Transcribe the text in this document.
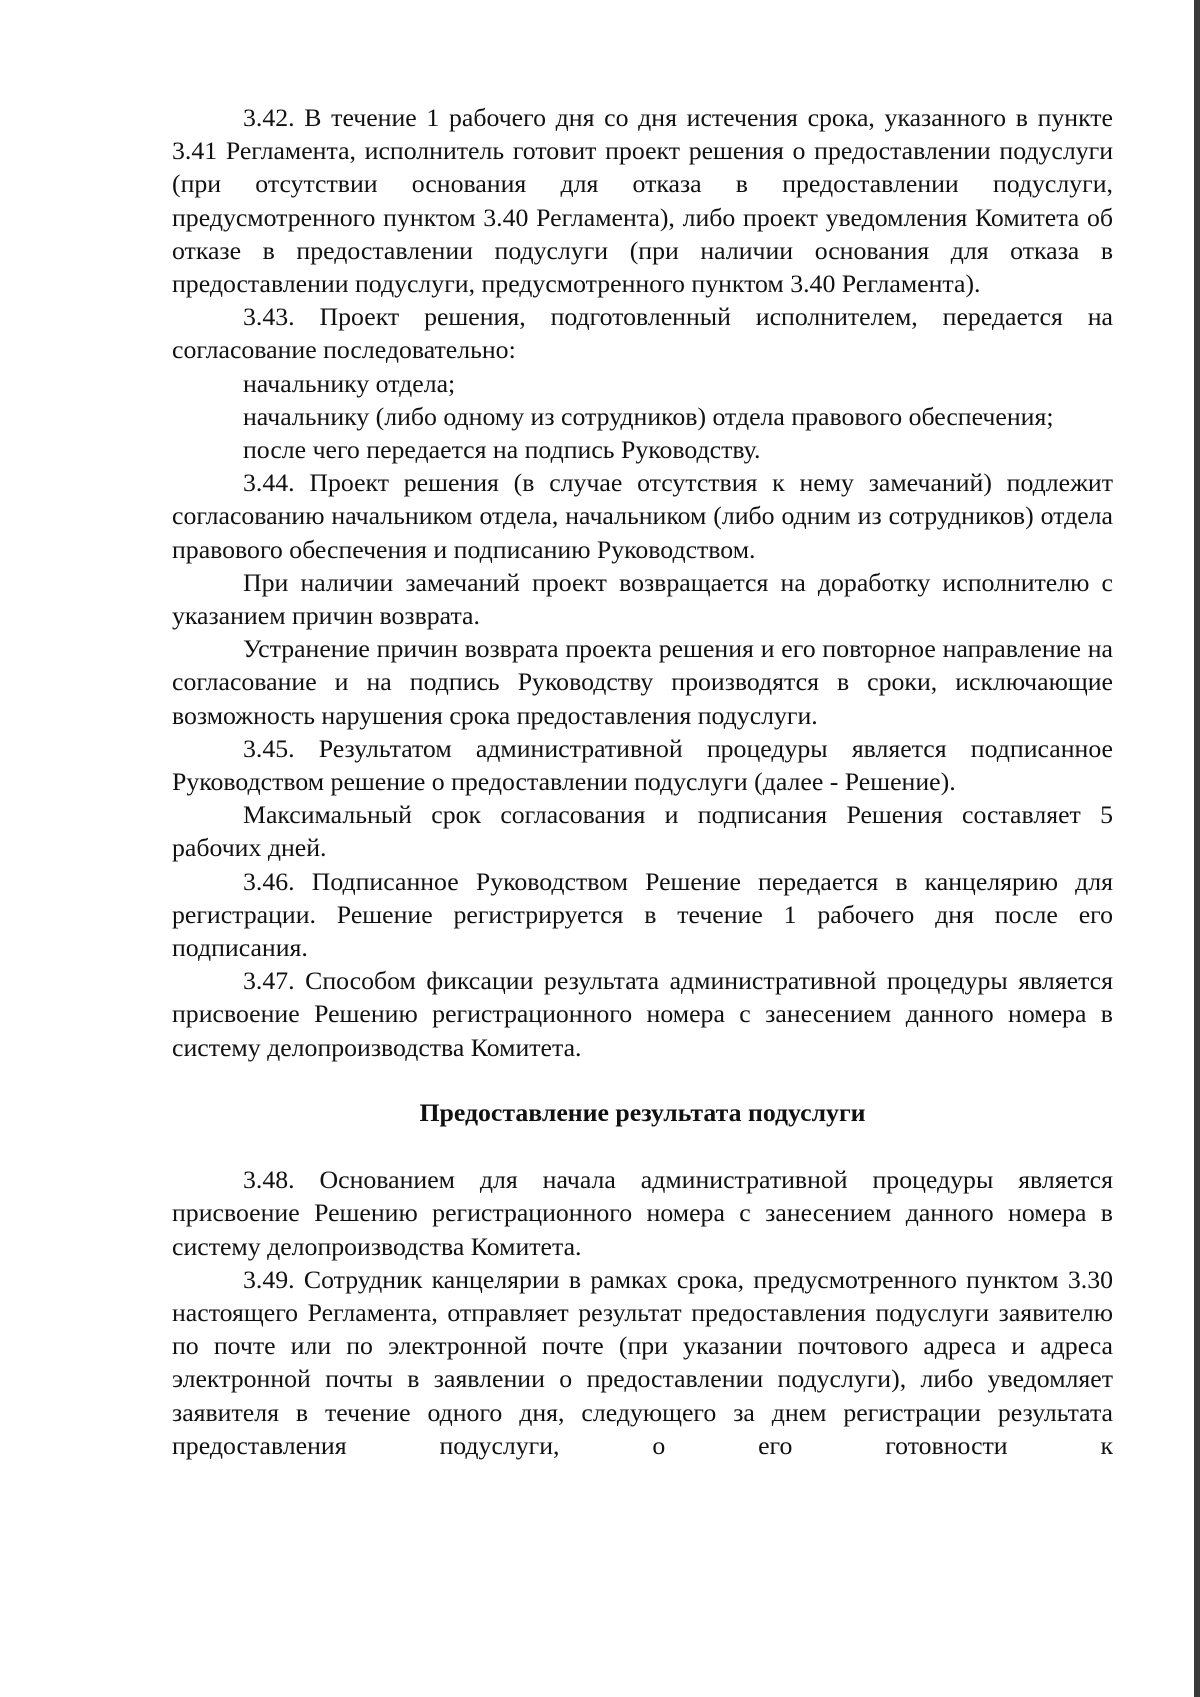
3.42. В течение 1 рабочего дня со дня истечения срока, указанного в пункте 3.41 Регламента, исполнитель готовит проект решения о предоставлении подуслуги (при отсутствии основания для отказа в предоставлении подуслуги, предусмотренного пунктом 3.40 Регламента), либо проект уведомления Комитета об отказе в предоставлении подуслуги (при наличии основания для отказа в предоставлении подуслуги, предусмотренного пунктом 3.40 Регламента).

3.43. Проект решения, подготовленный исполнителем, передается на согласование последовательно:

начальнику отдела;

начальнику (либо одному из сотрудников) отдела правового обеспечения;

после чего передается на подпись Руководству.

3.44. Проект решения (в случае отсутствия к нему замечаний) подлежит согласованию начальником отдела, начальником (либо одним из сотрудников) отдела правового обеспечения и подписанию Руководством.

При наличии замечаний проект возвращается на доработку исполнителю с указанием причин возврата.

Устранение причин возврата проекта решения и его повторное направление на согласование и на подпись Руководству производятся в сроки, исключающие возможность нарушения срока предоставления подуслуги.

3.45. Результатом административной процедуры является подписанное Руководством решение о предоставлении подуслуги (далее - Решение).

Максимальный срок согласования и подписания Решения составляет 5 рабочих дней.

3.46. Подписанное Руководством Решение передается в канцелярию для регистрации. Решение регистрируется в течение 1 рабочего дня после его подписания.

3.47. Способом фиксации результата административной процедуры является присвоение Решению регистрационного номера с занесением данного номера в систему делопроизводства Комитета.

Предоставление результата подуслуги

3.48. Основанием для начала административной процедуры является присвоение Решению регистрационного номера с занесением данного номера в систему делопроизводства Комитета.

3.49. Сотрудник канцелярии в рамках срока, предусмотренного пунктом 3.30 настоящего Регламента, отправляет результат предоставления подуслуги заявителю по почте или по электронной почте (при указании почтового адреса и адреса электронной почты в заявлении о предоставлении подуслуги), либо уведомляет заявителя в течение одного дня, следующего за днем регистрации результата предоставления подуслуги, о его готовности к
